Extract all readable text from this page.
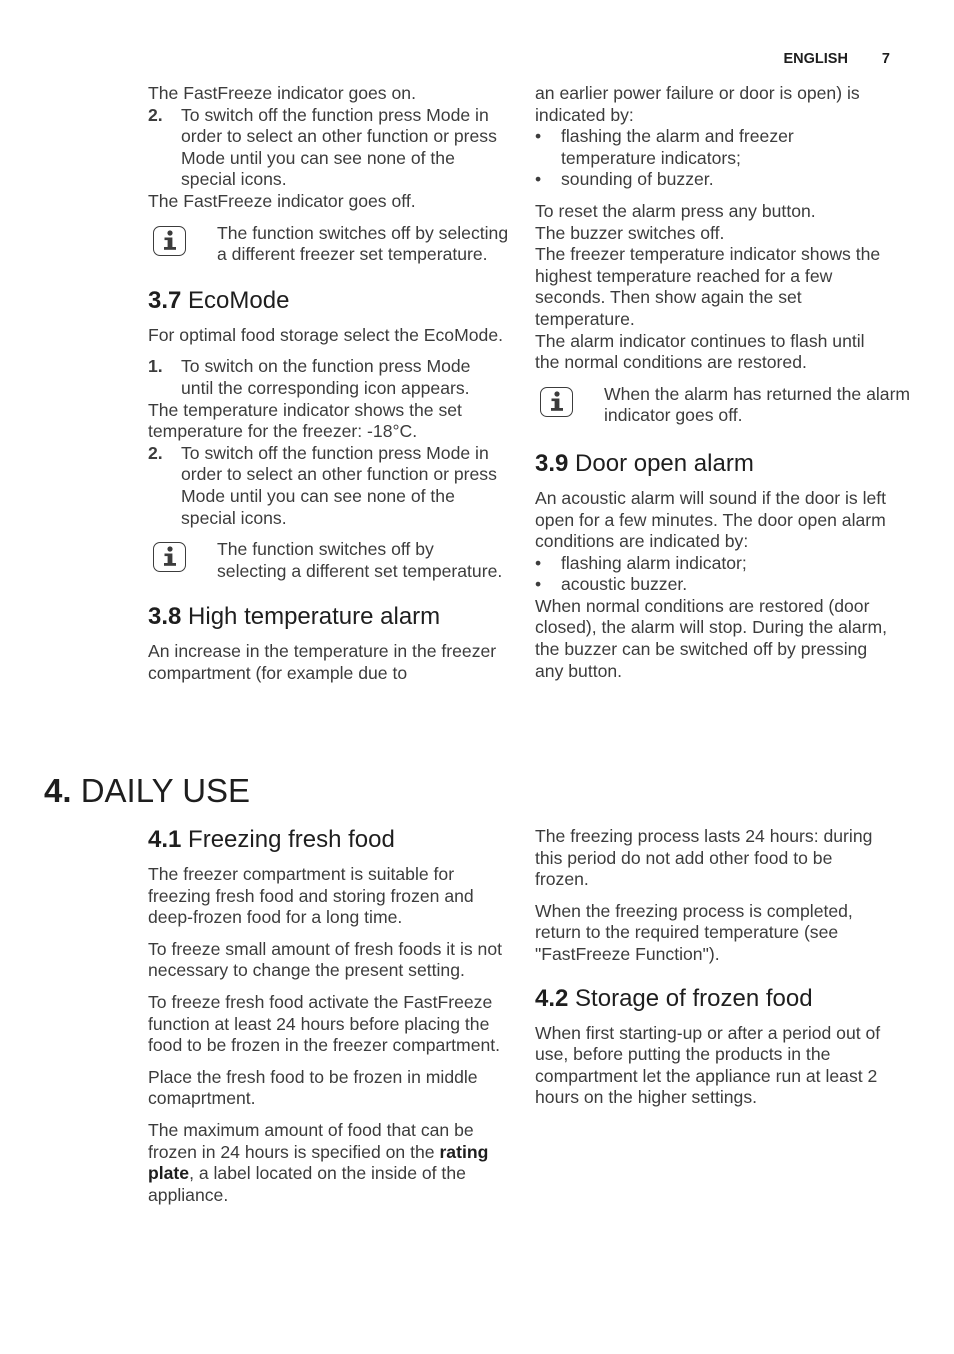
ENGLISH 7

The FastFreeze indicator goes on.

2. To switch off the function press Mode in order to select an other function or press Mode until you can see none of the special icons.

The FastFreeze indicator goes off.

The function switches off by selecting a different freezer set temperature.

3.7 EcoMode

For optimal food storage select the EcoMode.

1. To switch on the function press Mode until the corresponding icon appears.

The temperature indicator shows the set temperature for the freezer: -18°C.

2. To switch off the function press Mode in order to select an other function or press Mode until you can see none of the special icons.

The function switches off by selecting a different set temperature.

3.8 High temperature alarm

An increase in the temperature in the freezer compartment (for example due to

an earlier power failure or door is open) is indicated by:

• flashing the alarm and freezer temperature indicators;

• sounding of buzzer.

To reset the alarm press any button.

The buzzer switches off.

The freezer temperature indicator shows the highest temperature reached for a few seconds. Then show again the set temperature.

The alarm indicator continues to flash until the normal conditions are restored.

When the alarm has returned the alarm indicator goes off.

3.9 Door open alarm

An acoustic alarm will sound if the door is left open for a few minutes. The door open alarm conditions are indicated by:

• flashing alarm indicator;

• acoustic buzzer.

When normal conditions are restored (door closed), the alarm will stop. During the alarm, the buzzer can be switched off by pressing any button.

4. DAILY USE
4.1 Freezing fresh food

The freezer compartment is suitable for freezing fresh food and storing frozen and deep-frozen food for a long time.

To freeze small amount of fresh foods it is not necessary to change the present setting.

To freeze fresh food activate the FastFreeze function at least 24 hours before placing the food to be frozen in the freezer compartment.

Place the fresh food to be frozen in middle comaprtment.

The maximum amount of food that can be frozen in 24 hours is specified on the rating plate, a label located on the inside of the appliance.

The freezing process lasts 24 hours: during this period do not add other food to be frozen.

When the freezing process is completed, return to the required temperature (see "FastFreeze Function").

4.2 Storage of frozen food

When first starting-up or after a period out of use, before putting the products in the compartment let the appliance run at least 2 hours on the higher settings.
